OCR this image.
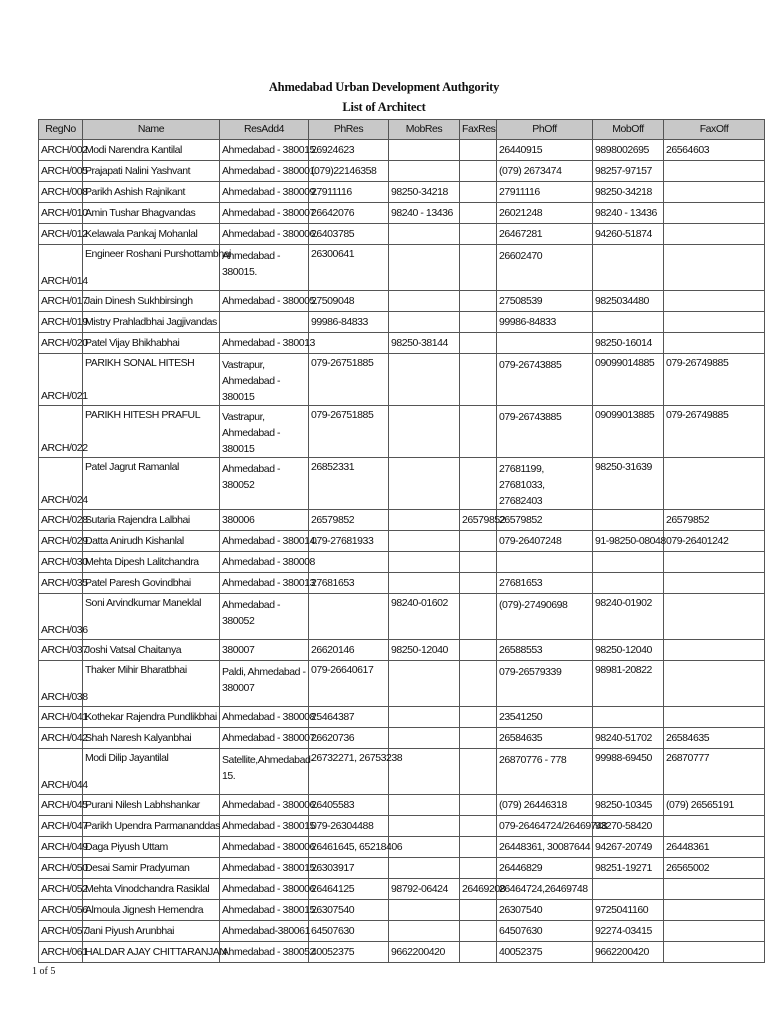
Ahmedabad Urban Development Authgority
List of Architect
RegNo	Name	ResAdd4	PhRes	MobRes	FaxRes	PhOff	MobOff	FaxOff
ARCH/002	Modi Narendra Kantilal	Ahmedabad - 380015.	26924623			26440915	9898002695	26564603
ARCH/005	Prajapati Nalini Yashvant	Ahmedabad - 380001.	(079)22146358			(079) 2673474	98257-97157	
ARCH/008	Parikh Ashish Rajnikant	Ahmedabad - 380009.	27911116	98250-34218		27911116	98250-34218	
ARCH/010	Amin Tushar Bhagvandas	Ahmedabad - 380007	26642076	98240 - 13436		26021248	98240 - 13436	
ARCH/012	Kelawala Pankaj Mohanlal	Ahmedabad - 380006.	26403785			26467281	94260-51874	
ARCH/014	Engineer Roshani Purshottambhai	Ahmedabad - 380015.	26300641			26602470		
ARCH/017	Jain Dinesh Sukhbirsingh	Ahmedabad - 380005.	27509048			27508539	9825034480	
ARCH/019	Mistry Prahladbhai Jagjivandas		99986-84833			99986-84833		
ARCH/020	Patel Vijay Bhikhabhai	Ahmedabad - 380013		98250-38144			98250-16014	
ARCH/021	PARIKH SONAL HITESH	Vastrapur, Ahmedabad - 380015	079-26751885			079-26743885	09099014885	079-26749885
ARCH/022	PARIKH HITESH PRAFUL	Vastrapur, Ahmedabad - 380015	079-26751885			079-26743885	09099013885	079-26749885
ARCH/024	Patel Jagrut Ramanlal	Ahmedabad - 380052	26852331			27681199, 27681033, 27682403	98250-31639	
ARCH/028	Sutaria Rajendra Lalbhai	380006	26579852		26579852	26579852		26579852
ARCH/029	Datta Anirudh Kishanlal	Ahmedabad - 380014.	079-27681933			079-26407248	91-98250-08048	079-26401242
ARCH/030	Mehta Dipesh Lalitchandra	Ahmedabad - 380008						
ARCH/035	Patel Paresh Govindbhai	Ahmedabad - 380013	27681653			27681653		
ARCH/036	Soni Arvindkumar Maneklal	Ahmedabad - 380052		98240-01602		(079)-27490698	98240-01902	
ARCH/037	Joshi Vatsal Chaitanya	380007	26620146	98250-12040		26588553	98250-12040	
ARCH/038	Thaker Mihir Bharatbhai	Paldi, Ahmedabad - 380007	079-26640617			079-26579339	98981-20822	
ARCH/041	Kothekar Rajendra Pundlikbhai	Ahmedabad - 380008	25464387			23541250		
ARCH/042	Shah Naresh Kalyanbhai	Ahmedabad - 380007.	26620736			26584635	98240-51702	26584635
ARCH/044	Modi Dilip Jayantilal	Satellite,Ahmedabad-15.	26732271, 26753238			26870776 - 778	99988-69450	26870777
ARCH/045	Purani Nilesh Labhshankar	Ahmedabad - 380006.	26405583			(079) 26446318	98250-10345	(079) 26565191
ARCH/047	Parikh Upendra Parmananddas	Ahmedabad - 380015	079-26304488			079-26464724/26469748	93270-58420	
ARCH/049	Daga Piyush Uttam	Ahmedabad - 380006	26461645, 65218406			26448361, 30087644	94267-20749	26448361
ARCH/050	Desai Samir Pradyuman	Ahmedabad - 380015.	26303917			26446829	98251-19271	26565002
ARCH/052	Mehta Vinodchandra Rasiklal	Ahmedabad - 380006	26464125	98792-06424	26469208	26464724,26469748		
ARCH/056	Almoula Jignesh Hemendra	Ahmedabad - 380015.	26307540			26307540	9725041160	
ARCH/057	Jani Piyush Arunbhai	Ahmedabad-380061	64507630			64507630	92274-03415	
ARCH/061	HALDAR AJAY CHITTARANJAN	Ahmedabad - 380052	40052375	9662200420		40052375	9662200420	
1 of 5
